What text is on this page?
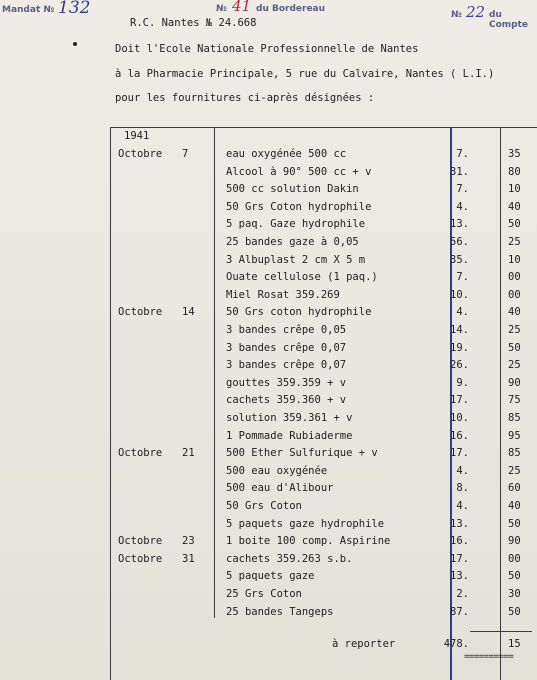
Mandat № 132	№ 41 du Bordereau
№ 22 du Compte
R.C. Nantes № 24.668
Doit l'Ecole Nationale Professionnelle de Nantes
à la Pharmacie Principale, 5 rue du Calvaire, Nantes ( L.I.)
pour les fournitures ci-après désignées :
1941
Octobre 7	eau oxygénée 500 cc	7.	35
Alcool à 90° 500 cc + v	31.	80
500 cc solution Dakin	7.	10
50 Grs Coton hydrophile	4.	40
5 paq. Gaze hydrophile	13.	50
25 bandes gaze à 0,05	56.	25
3 Albuplast 2 cm X 5 m	35.	10
Ouate cellulose (1 paq.)	7.	00
Miel Rosat 359.269	10.	00
Octobre 14	50 Grs coton hydrophile	4.	40
3 bandes crêpe 0,05	14.	25
3 bandes crêpe 0,07	19.	50
3 bandes crêpe 0,07	26.	25
gouttes 359.359 + v	9.	90
cachets 359.360 + v	17.	75
solution 359.361 + v	10.	85
1 Pommade Rubiaderme	16.	95
Octobre 21	500 Ether Sulfurique + v	17.	85
500 eau oxygénée	4.	25
500 eau d'Alibour	8.	60
50 Grs Coton	4.	40
5 paquets gaze hydrophile	13.	50
Octobre 23	1 boite 100 comp. Aspirine	16.	90
Octobre 31	cachets 359.263 s.b.	17.	00
5 paquets gaze	13.	50
25 Grs Coton	2.	30
25 bandes Tangeps	87.	50
à reporter	478.	15
==========
